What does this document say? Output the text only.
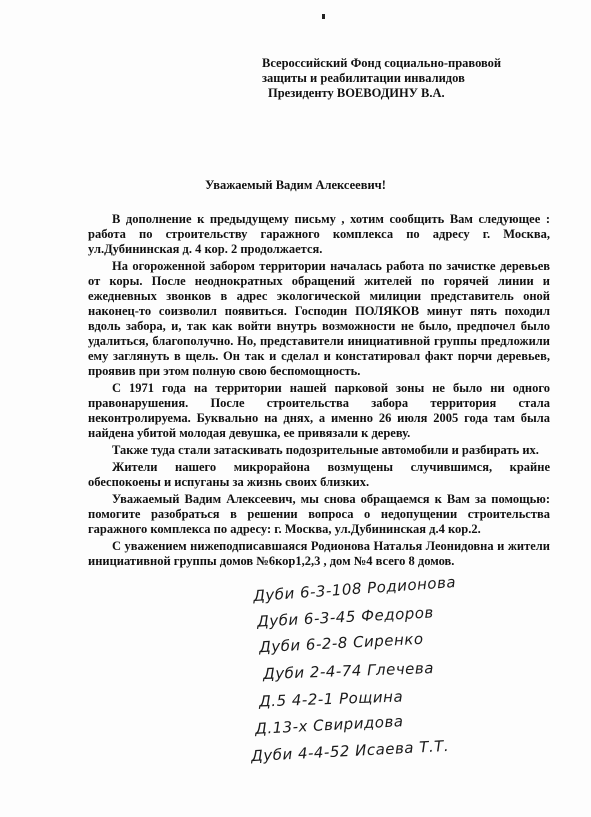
Всероссийский Фонд социально-правовой
защиты и реабилитации инвалидов
Президенту ВОЕВОДИНУ В.А.
Уважаемый Вадим Алексеевич!

В дополнение к предыдущему письму , хотим сообщить Вам следующее : работа по строительству гаражного комплекса по адресу г. Москва, ул.Дубининская д. 4 кор. 2 продолжается.

На огороженной забором территории началась работа по зачистке деревьев от коры. После неоднократных обращений жителей по горячей линии и ежедневных звонков в адрес экологической милиции представитель оной наконец-то соизволил появиться. Господин ПОЛЯКОВ минут пять походил вдоль забора, и, так как войти внутрь возможности не было, предпочел было удалиться, благополучно. Но, представители инициативной группы предложили ему заглянуть в щель. Он так и сделал и констатировал факт порчи деревьев, проявив при этом полную свою беспомощность.

С 1971 года на территории нашей парковой зоны не было ни одного правонарушения. После строительства забора территория стала неконтролируема. Буквально на днях, а именно 26 июля 2005 года там была найдена убитой молодая девушка, ее привязали к дереву.

Также туда стали затаскивать подозрительные автомобили и разбирать их.

Жители нашего микрорайона возмущены случившимся, крайне обеспокоены и испуганы за жизнь своих близких.

Уважаемый Вадим Алексеевич, мы снова обращаемся к Вам за помощью: помогите разобраться в решении вопроса о недопущении строительства гаражного комплекса по адресу: г. Москва, ул.Дубининская д.4 кор.2.

С уважением нижеподписавшаяся Родионова Наталья Леонидовна и жители инициативной группы домов №6кор1,2,3 , дом №4 всего 8 домов.

Дуби 6-3-108 Родионова
Дуби 6-3-45 Федоров
Дуби 6-2-8 Сиренко
Дуби 2-4-74 Глечева
Д.5 4-2-1 Рощина
Д.13-х Свиридова
Дуби 4-4-52 Исаева Т.Т.
